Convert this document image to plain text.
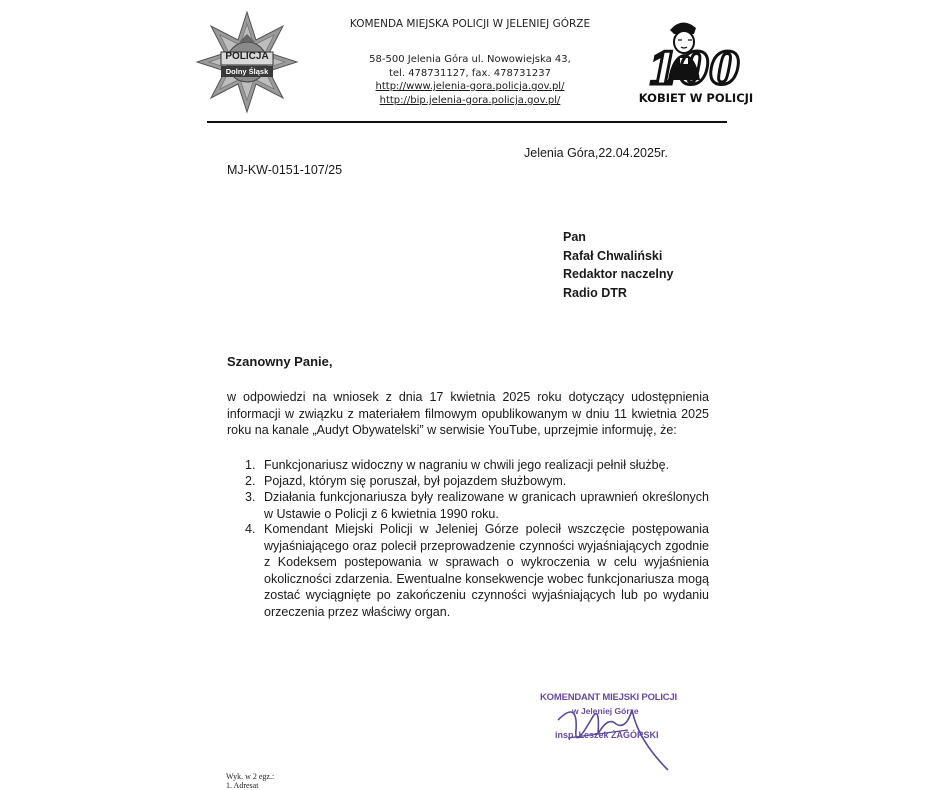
POLICJA
Dolny Śląsk
KOMENDA MIEJSKA POLICJI W JELENIEJ GÓRZE
58-500 Jelenia Góra ul. Nowowiejska 43,
tel. 478731127, fax. 478731237
http://www.jelenia-gora.policja.gov.pl/
http://bip.jelenia-gora.policja.gov.pl/
100
KOBIET W POLICJI
Jelenia Góra,22.04.2025r.
MJ-KW-0151-107/25
Pan
Rafał Chwaliński
Redaktor naczelny
Radio DTR
Szanowny Panie,
w odpowiedzi na wniosek z dnia 17 kwietnia 2025 roku dotyczący udostępnienia informacji w związku z materiałem filmowym opublikowanym w dniu 11 kwietnia 2025 roku na kanale „Audyt Obywatelski” w serwisie YouTube, uprzejmie informuję, że:
1. Funkcjonariusz widoczny w nagraniu w chwili jego realizacji pełnił służbę.
2. Pojazd, którym się poruszał, był pojazdem służbowym.
3. Działania funkcjonariusza były realizowane w granicach uprawnień określonych w Ustawie o Policji z 6 kwietnia 1990 roku.
4. Komendant Miejski Policji w Jeleniej Górze polecił wszczęcie postępowania wyjaśniającego oraz polecił przeprowadzenie czynności wyjaśniających zgodnie z Kodeksem postepowania w sprawach o wykroczenia w celu wyjaśnienia okoliczności zdarzenia. Ewentualne konsekwencje wobec funkcjonariusza mogą zostać wyciągnięte po zakończeniu czynności wyjaśniających lub po wydaniu orzeczenia przez właściwy organ.
KOMENDANT MIEJSKI POLICJI
w Jeleniej Górze
insp. Leszek ŻAGÓRSKI
Wyk. w 2 egz.:
1. Adresat
